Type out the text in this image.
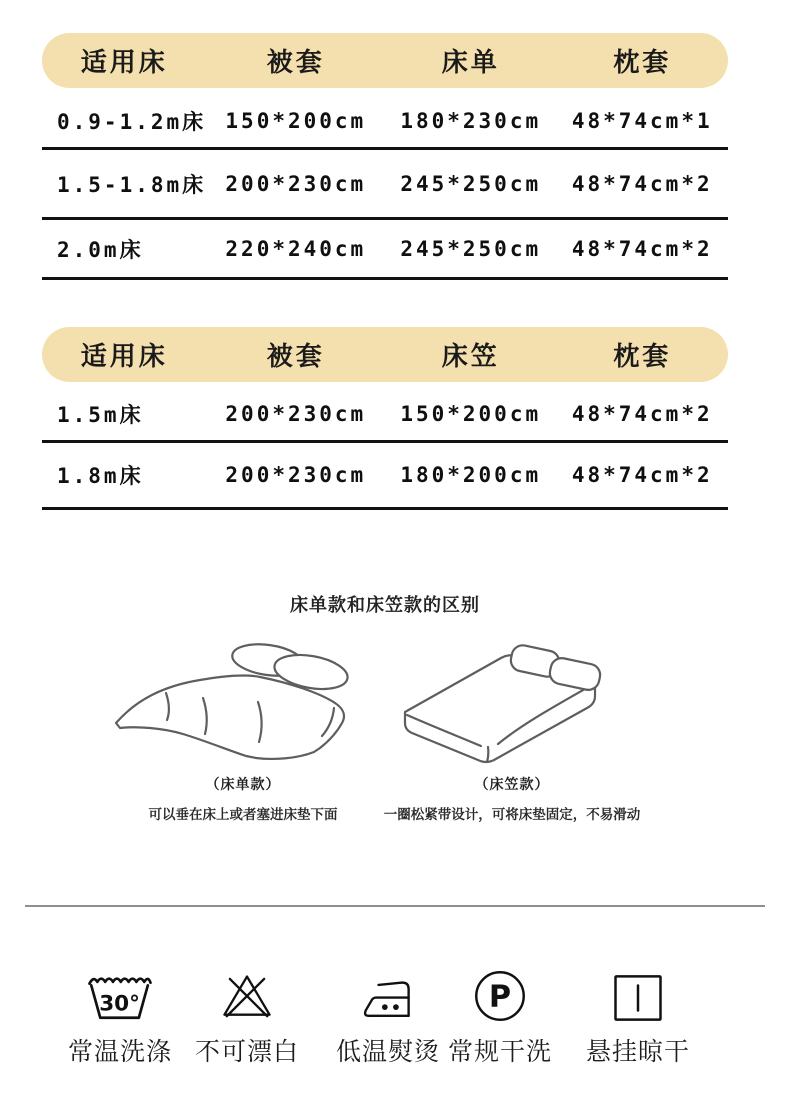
适用床	被套	床单	枕套
0.9-1.2m床 150*200cm	180*230cm	48*74cm*1
1.5-1.8m床 200*230cm	245*250cm	48*74cm*2
2.0m床	220*240cm	245*250cm	48*74cm*2
适用床	被套	床笠	枕套
1.5m床	200*230cm	150*200cm	48*74cm*2
1.8m床	200*230cm	180*200cm	48*74cm*2
床单款和床笠款的区别
（床单款）
可以垂在床上或者塞进床垫下面
（床笠款）
一圈松紧带设计，可将床垫固定，不易滑动
30°
常温洗涤 不可漂白 低温熨烫
P
常规干洗 悬挂晾干
